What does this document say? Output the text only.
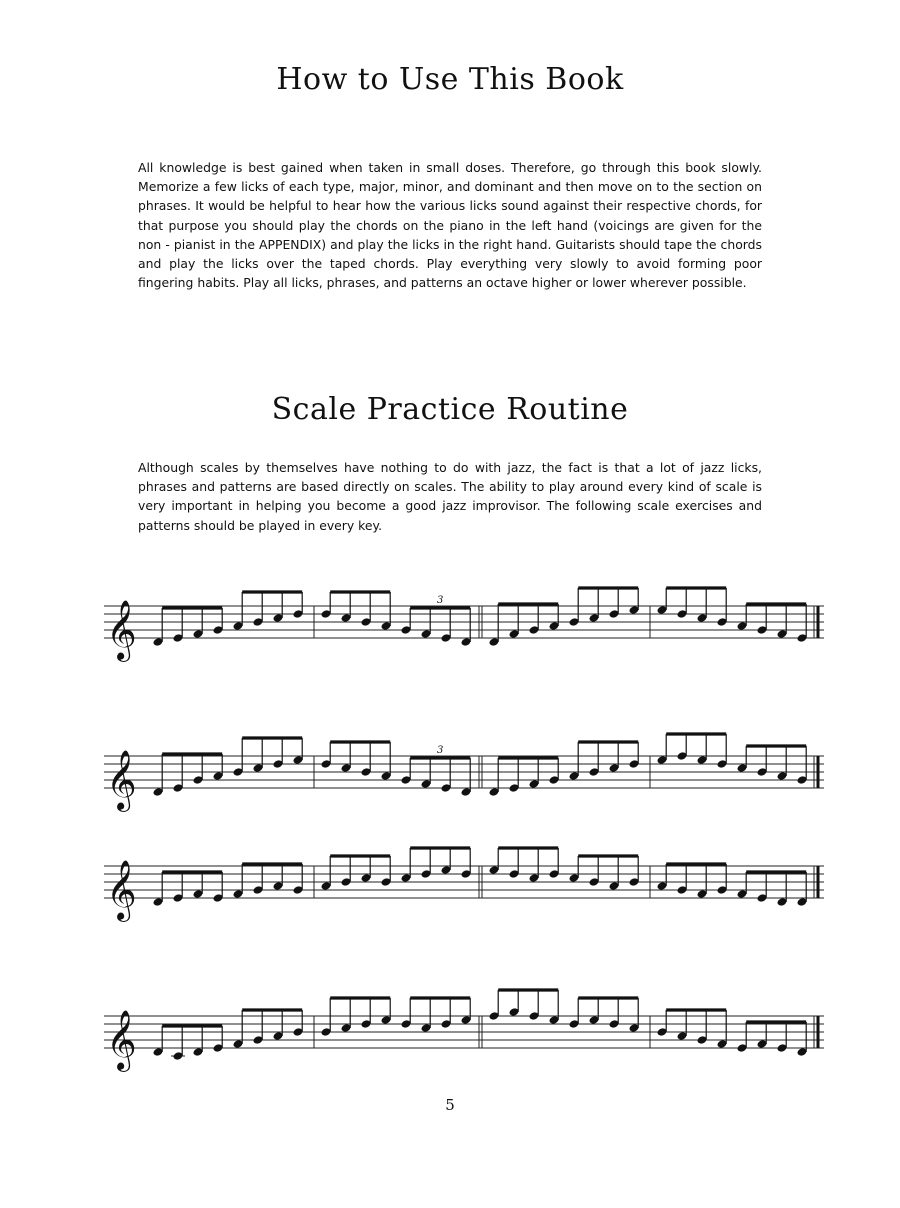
How to Use This Book

All knowledge is best gained when taken in small doses. Therefore, go through this book slowly. Memorize a few licks of each type, major, minor, and dominant and then move on to the section on phrases. It would be helpful to hear how the various licks sound against their respective chords, for that purpose you should play the chords on the piano in the left hand (voicings are given for the non - pianist in the APPENDIX) and play the licks in the right hand. Guitarists should tape the chords and play the licks over the taped chords. Play everything very slowly to avoid forming poor fingering habits. Play all licks, phrases, and patterns an octave higher or lower wherever possible.

Scale Practice Routine

Although scales by themselves have nothing to do with jazz, the fact is that a lot of jazz licks, phrases and patterns are based directly on scales. The ability to play around every kind of scale is very important in helping you become a good jazz improvisor. The following scale exercises and patterns should be played in every key.

𝄞	3
𝄞	3
𝄞
𝄞
5
